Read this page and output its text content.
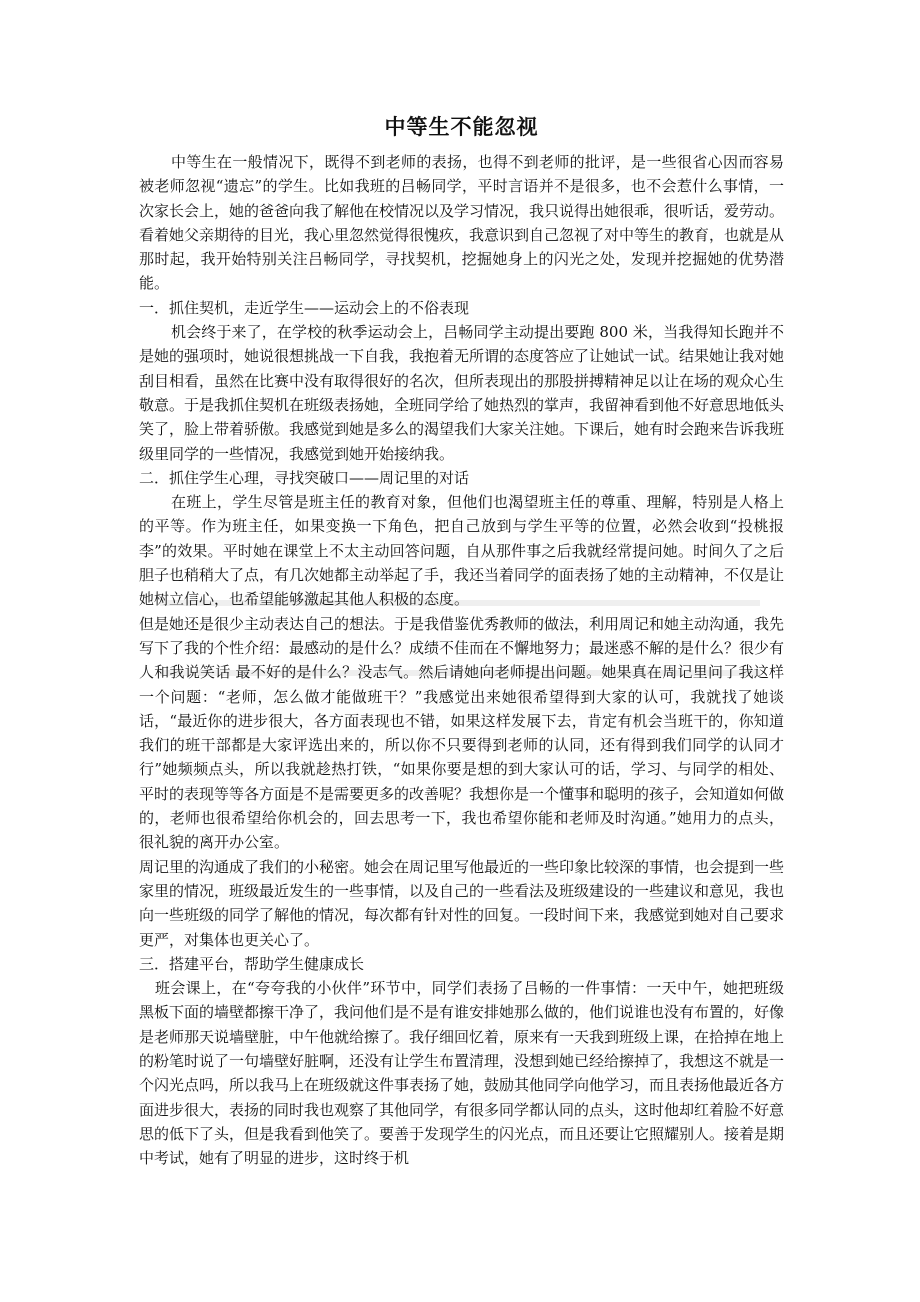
中等生不能忽视

中等生在一般情况下，既得不到老师的表扬，也得不到老师的批评，是一些很省心因而容易被老师忽视“遗忘”的学生。比如我班的吕畅同学，平时言语并不是很多，也不会惹什么事情，一次家长会上，她的爸爸向我了解他在校情况以及学习情况，我只说得出她很乖，很听话，爱劳动。看着她父亲期待的目光，我心里忽然觉得很愧疚，我意识到自己忽视了对中等生的教育，也就是从那时起，我开始特别关注吕畅同学，寻找契机，挖掘她身上的闪光之处，发现并挖掘她的优势潜能。

一．抓住契机，走近学生——运动会上的不俗表现

机会终于来了，在学校的秋季运动会上，吕畅同学主动提出要跑 800 米，当我得知长跑并不是她的强项时，她说很想挑战一下自我，我抱着无所谓的态度答应了让她试一试。结果她让我对她刮目相看，虽然在比赛中没有取得很好的名次，但所表现出的那股拼搏精神足以让在场的观众心生敬意。于是我抓住契机在班级表扬她，全班同学给了她热烈的掌声，我留神看到他不好意思地低头笑了，脸上带着骄傲。我感觉到她是多么的渴望我们大家关注她。下课后，她有时会跑来告诉我班级里同学的一些情况，我感觉到她开始接纳我。

二．抓住学生心理，寻找突破口——周记里的对话

在班上，学生尽管是班主任的教育对象，但他们也渴望班主任的尊重、理解，特别是人格上的平等。作为班主任，如果变换一下角色，把自己放到与学生平等的位置，必然会收到“投桃报李”的效果。平时她在课堂上不太主动回答问题，自从那件事之后我就经常提问她。时间久了之后胆子也稍稍大了点，有几次她都主动举起了手，我还当着同学的面表扬了她的主动精神，不仅是让她树立信心，也希望能够激起其他人积极的态度。

但是她还是很少主动表达自己的想法。于是我借鉴优秀教师的做法，利用周记和她主动沟通，我先写下了我的个性介绍：最感动的是什么？成绩不佳而在不懈地努力；最迷惑不解的是什么？很少有人和我说笑话 最不好的是什么？没志气。然后请她向老师提出问题。她果真在周记里问了我这样一个问题：“老师，怎么做才能做班干？”我感觉出来她很希望得到大家的认可，我就找了她谈话，“最近你的进步很大，各方面表现也不错，如果这样发展下去，肯定有机会当班干的，你知道我们的班干部都是大家评选出来的，所以你不只要得到老师的认同，还有得到我们同学的认同才行”她频频点头，所以我就趁热打铁，“如果你要是想的到大家认可的话，学习、与同学的相处、平时的表现等等各方面是不是需要更多的改善呢？我想你是一个懂事和聪明的孩子，会知道如何做的，老师也很希望给你机会的，回去思考一下，我也希望你能和老师及时沟通。”她用力的点头，很礼貌的离开办公室。

周记里的沟通成了我们的小秘密。她会在周记里写他最近的一些印象比较深的事情，也会提到一些家里的情况，班级最近发生的一些事情，以及自己的一些看法及班级建设的一些建议和意见，我也向一些班级的同学了解他的情况，每次都有针对性的回复。一段时间下来，我感觉到她对自己要求更严，对集体也更关心了。

三．搭建平台，帮助学生健康成长

班会课上，在“夸夸我的小伙伴”环节中，同学们表扬了吕畅的一件事情：一天中午，她把班级黑板下面的墙壁都擦干净了，我问他们是不是有谁安排她那么做的，他们说谁也没有布置的，好像是老师那天说墙壁脏，中午他就给擦了。我仔细回忆着，原来有一天我到班级上课，在拾掉在地上的粉笔时说了一句墙壁好脏啊，还没有让学生布置清理，没想到她已经给擦掉了，我想这不就是一个闪光点吗，所以我马上在班级就这件事表扬了她，鼓励其他同学向他学习，而且表扬他最近各方面进步很大，表扬的同时我也观察了其他同学，有很多同学都认同的点头，这时他却红着脸不好意思的低下了头，但是我看到他笑了。要善于发现学生的闪光点，而且还要让它照耀别人。接着是期中考试，她有了明显的进步，这时终于机
